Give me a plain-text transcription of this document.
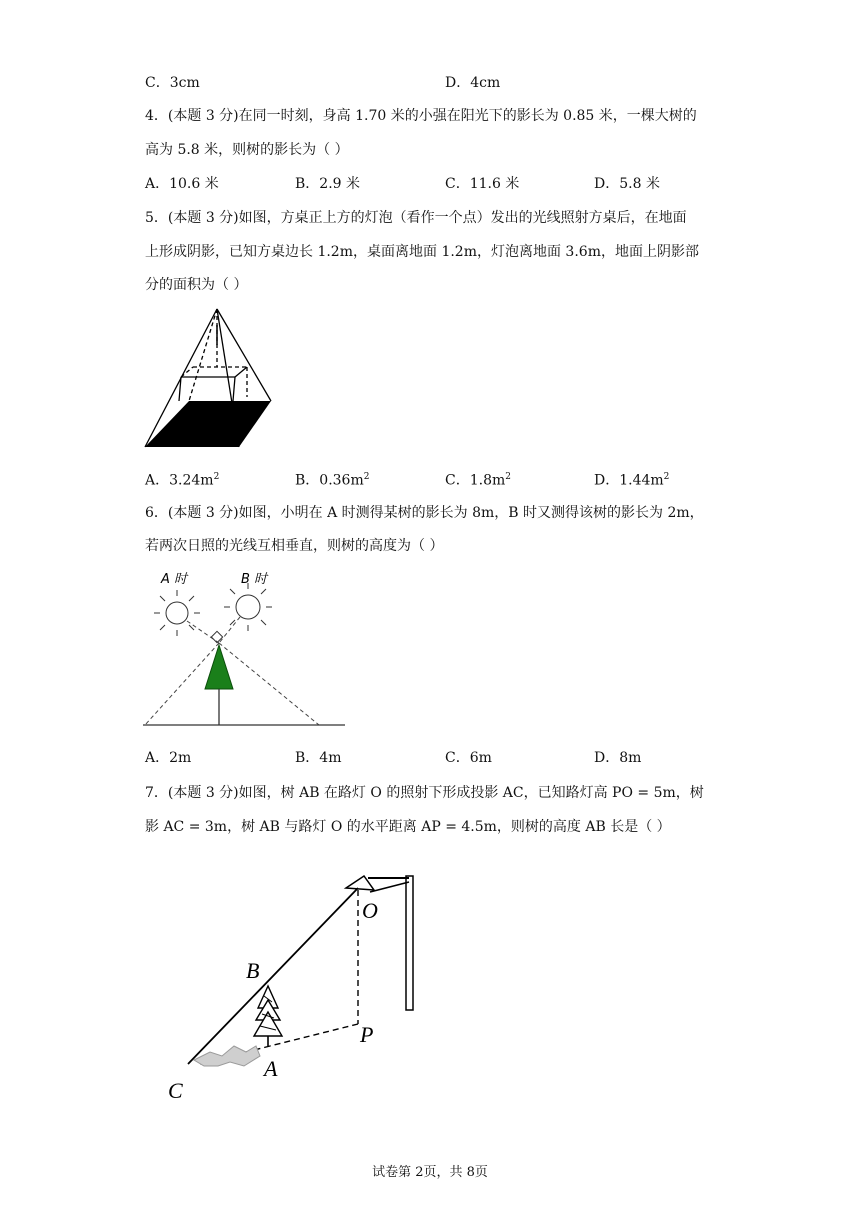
C．3cm	D．4cm
4．(本题 3 分)在同一时刻，身高 1.70 米的小强在阳光下的影长为 0.85 米，一棵大树的
高为 5.8 米，则树的影长为（ ）
A．10.6 米	B．2.9 米	C．11.6 米	D．5.8 米
5．(本题 3 分)如图，方桌正上方的灯泡（看作一个点）发出的光线照射方桌后，在地面
上形成阴影，已知方桌边长 1.2m，桌面离地面 1.2m，灯泡离地面 3.6m，地面上阴影部
分的面积为（ ）
A．$3.24m^2$	B．$0.36m^2$	C．$1.8m^2$	D．$1.44m^2$
6．(本题 3 分)如图，小明在 A 时测得某树的影长为 8m，B 时又测得该树的影长为 2m，
若两次日照的光线互相垂直，则树的高度为（ ）
A 时	B 时
A．2m	B．4m	C．6m	D．8m
7．(本题 3 分)如图，树 AB 在路灯 O 的照射下形成投影 AC，已知路灯高 PO = 5m，树
影 AC = 3m，树 AB 与路灯 O 的水平距离 AP = 4.5m，则树的高度 AB 长是（ ）
O
B
P
A
C
试卷第 2页，共 8页
